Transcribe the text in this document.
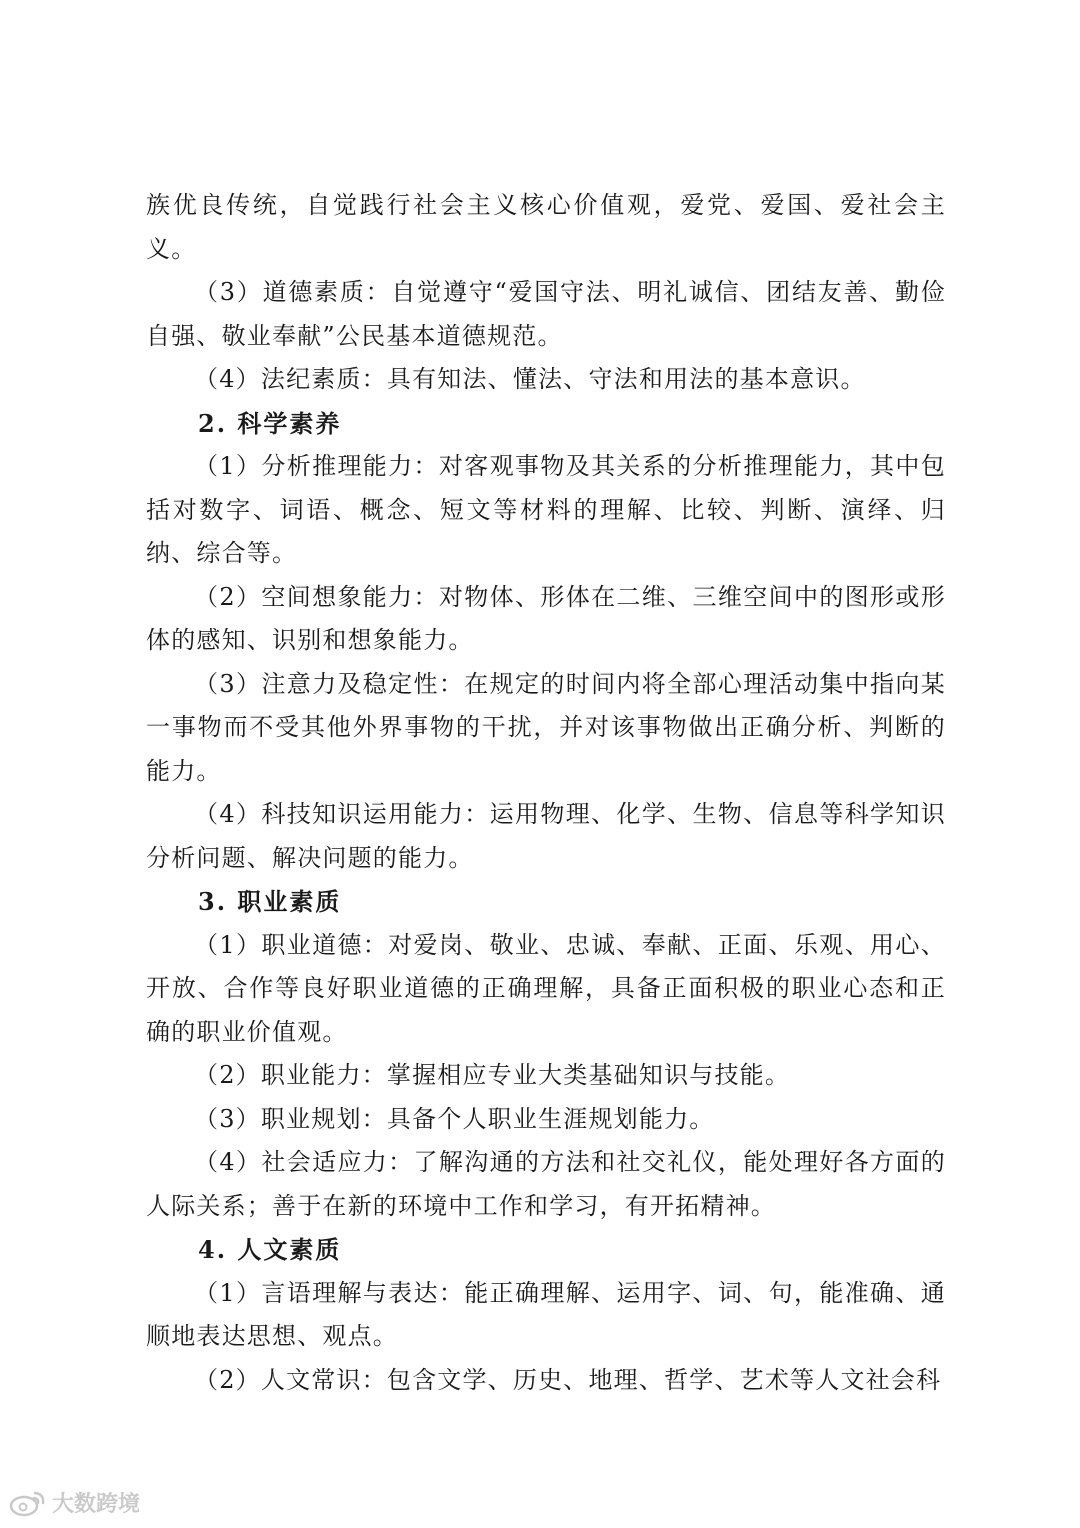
族优良传统，自觉践行社会主义核心价值观，爱党、爱国、爱社会主义。

（3）道德素质：自觉遵守“爱国守法、明礼诚信、团结友善、勤俭自强、敬业奉献”公民基本道德规范。

（4）法纪素质：具有知法、懂法、守法和用法的基本意识。

2. 科学素养

（1）分析推理能力：对客观事物及其关系的分析推理能力，其中包括对数字、词语、概念、短文等材料的理解、比较、判断、演绎、归纳、综合等。

（2）空间想象能力：对物体、形体在二维、三维空间中的图形或形体的感知、识别和想象能力。

（3）注意力及稳定性：在规定的时间内将全部心理活动集中指向某一事物而不受其他外界事物的干扰，并对该事物做出正确分析、判断的能力。

（4）科技知识运用能力：运用物理、化学、生物、信息等科学知识分析问题、解决问题的能力。

3. 职业素质

（1）职业道德：对爱岗、敬业、忠诚、奉献、正面、乐观、用心、开放、合作等良好职业道德的正确理解，具备正面积极的职业心态和正确的职业价值观。

（2）职业能力：掌握相应专业大类基础知识与技能。

（3）职业规划：具备个人职业生涯规划能力。

（4）社会适应力：了解沟通的方法和社交礼仪，能处理好各方面的人际关系；善于在新的环境中工作和学习，有开拓精神。

4. 人文素质

（1）言语理解与表达：能正确理解、运用字、词、句，能准确、通顺地表达思想、观点。

（2）人文常识：包含文学、历史、地理、哲学、艺术等人文社会科

大数跨境
